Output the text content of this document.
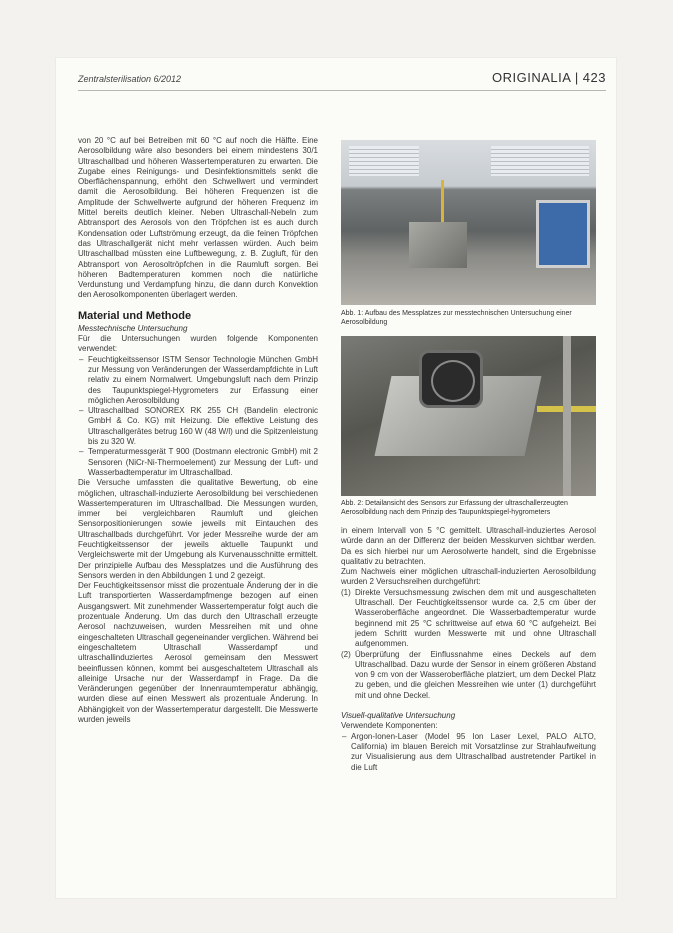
Zentralsterilisation 6/2012	ORIGINALIA | 423

von 20 °C auf bei Betreiben mit 60 °C auf noch die Hälfte. Eine Aerosolbildung wäre also besonders bei einem mindestens 30/1 Ultraschallbad und höheren Wassertemperaturen zu erwarten. Die Zugabe eines Reinigungs- und Desinfektionsmittels senkt die Oberflächenspannung, erhöht den Schwellwert und vermindert damit die Aerosolbildung. Bei höheren Frequenzen ist die Amplitude der Schwellwerte aufgrund der höheren Frequenz im Mittel bereits deutlich kleiner. Neben Ultraschall-Nebeln zum Abtransport des Aerosols von den Tröpfchen ist es auch durch Kondensation oder Luftströmung erzeugt, da die feinen Tröpfchen das Ultraschallgerät nicht mehr verlassen würden. Auch beim Ultraschallbad müssten eine Luftbewegung, z. B. Zugluft, für den Abtransport von Aerosoltröpfchen in die Raumluft sorgen. Bei höheren Badtemperaturen kommen noch die natürliche Verdunstung und Verdampfung hinzu, die dann durch Konvektion den Aerosolkomponenten überlagert werden.

Material und Methode
Messtechnische Untersuchung

Für die Untersuchungen wurden folgende Komponenten verwendet:

– Feuchtigkeitssensor ISTM Sensor Technologie München GmbH zur Messung von Veränderungen der Wasserdampfdichte in Luft relativ zu einem Normalwert. Umgebungsluft nach dem Prinzip des Taupunktspiegel-Hygrometers zur Erfassung einer möglichen Aerosolbildung
– Ultraschallbad SONOREX RK 255 CH (Bandelin electronic GmbH & Co. KG) mit Heizung. Die effektive Leistung des Ultraschallgerätes betrug 160 W (48 W/l) und die Spitzenleistung bis zu 320 W.
– Temperaturmessgerät T 900 (Dostmann electronic GmbH) mit 2 Sensoren (NiCr-Ni-Thermoelement) zur Messung der Luft- und Wasserbadtemperatur im Ultraschallbad.

Die Versuche umfassten die qualitative Bewertung, ob eine möglichen, ultraschall-induzierte Aerosolbildung bei verschiedenen Wassertemperaturen im Ultraschallbad. Die Messungen wurden, immer bei vergleichbaren Raumluft und gleichen Sensorpositionierungen sowie jeweils mit Eintauchen des Ultraschallbads durchgeführt. Vor jeder Messreihe wurde der am Feuchtigkeitssensor der jeweils aktuelle Taupunkt und Vergleichswerte mit der Umgebung als Kurvenausschnitte ermittelt. Der prinzipielle Aufbau des Messplatzes und die Ausführung des Sensors werden in den Abbildungen 1 und 2 gezeigt.

Der Feuchtigkeitssensor misst die prozentuale Änderung der in die Luft transportierten Wasserdampfmenge bezogen auf einen Ausgangswert. Mit zunehmender Wassertemperatur folgt auch die prozentuale Änderung. Um das durch den Ultraschall erzeugte Aerosol nachzuweisen, wurden Messreihen mit und ohne eingeschalteten Ultraschall gegeneinander verglichen. Während bei eingeschaltetem Ultraschall Wasserdampf und ultraschallinduziertes Aerosol gemeinsam den Messwert beeinflussen können, kommt bei ausgeschaltetem Ultraschall als alleinige Ursache nur der Wasserdampf in Frage. Da die Veränderungen gegenüber der Innenraumtemperatur abhängig, wurden diese auf einen Messwert als prozentuale Änderung. In Abhängigkeit von der Wassertemperatur dargestellt. Die Messwerte wurden jeweils

Abb. 1: Aufbau des Messplatzes zur messtechnischen Untersuchung einer Aerosolbildung
Abb. 2: Detailansicht des Sensors zur Erfassung der ultraschallerzeugten Aerosolbildung nach dem Prinzip des Taupunktspiegel-hygrometers

in einem Intervall von 5 °C gemittelt. Ultraschall-induziertes Aerosol würde dann an der Differenz der beiden Messkurven sichtbar werden. Da es sich hierbei nur um Aerosolwerte handelt, sind die Ergebnisse qualitativ zu betrachten.

Zum Nachweis einer möglichen ultraschall-induzierten Aerosolbildung wurden 2 Versuchsreihen durchgeführt:

(1) Direkte Versuchsmessung zwischen dem mit und ausgeschalteten Ultraschall. Der Feuchtigkeitssensor wurde ca. 2,5 cm über der Wasseroberfläche angeordnet. Die Wasserbadtemperatur wurde beginnend mit 25 °C schrittweise auf etwa 60 °C aufgeheizt. Bei jedem Schritt wurden Messwerte mit und ohne Ultraschall aufgenommen.
(2) Überprüfung der Einflussnahme eines Deckels auf dem Ultraschallbad. Dazu wurde der Sensor in einem größeren Abstand von 9 cm von der Wasseroberfläche platziert, um dem Deckel Platz zu geben, und die gleichen Messreihen wie unter (1) durchgeführt mit und ohne Deckel.
Visuell-qualitative Untersuchung

Verwendete Komponenten:

– Argon-Ionen-Laser (Model 95 Ion Laser Lexel, PALO ALTO, California) im blauen Bereich mit Vorsatzlinse zur Strahlaufweitung zur Visualisierung aus dem Ultraschallbad austretender Partikel in die Luft
